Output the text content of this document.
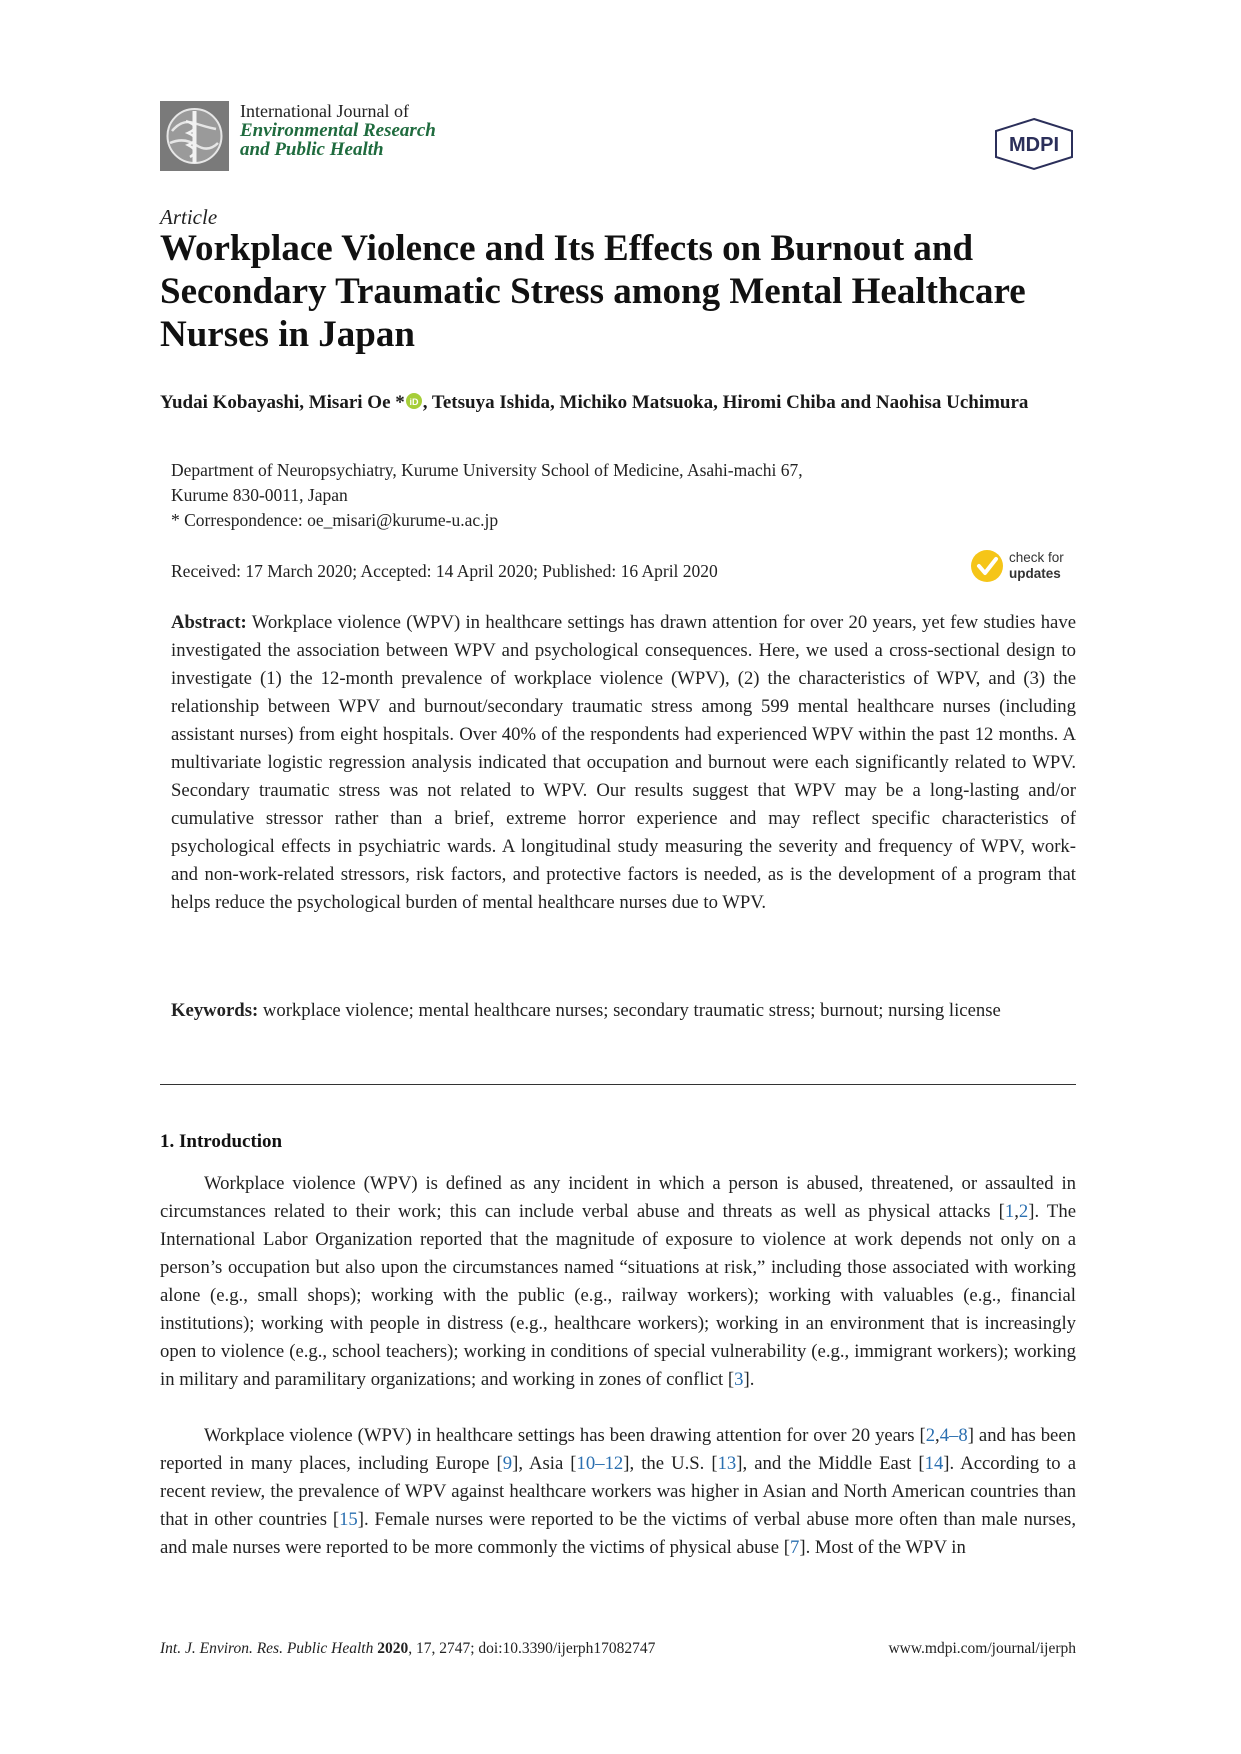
International Journal of
Environmental Research
and Public Health	MDPI
Article
Workplace Violence and Its Effects on Burnout and Secondary Traumatic Stress among Mental Healthcare Nurses in Japan
Yudai Kobayashi, Misari Oe * iD , Tetsuya Ishida, Michiko Matsuoka, Hiromi Chiba and Naohisa Uchimura
Department of Neuropsychiatry, Kurume University School of Medicine, Asahi-machi 67,
Kurume 830-0011, Japan
* Correspondence: oe_misari@kurume-u.ac.jp
Received: 17 March 2020; Accepted: 14 April 2020; Published: 16 April 2020
check for
updates

Abstract: Workplace violence (WPV) in healthcare settings has drawn attention for over 20 years, yet few studies have investigated the association between WPV and psychological consequences. Here, we used a cross-sectional design to investigate (1) the 12-month prevalence of workplace violence (WPV), (2) the characteristics of WPV, and (3) the relationship between WPV and burnout/secondary traumatic stress among 599 mental healthcare nurses (including assistant nurses) from eight hospitals. Over 40% of the respondents had experienced WPV within the past 12 months. A multivariate logistic regression analysis indicated that occupation and burnout were each significantly related to WPV. Secondary traumatic stress was not related to WPV. Our results suggest that WPV may be a long-lasting and/or cumulative stressor rather than a brief, extreme horror experience and may reflect specific characteristics of psychological effects in psychiatric wards. A longitudinal study measuring the severity and frequency of WPV, work- and non-work-related stressors, risk factors, and protective factors is needed, as is the development of a program that helps reduce the psychological burden of mental healthcare nurses due to WPV.

Keywords: workplace violence; mental healthcare nurses; secondary traumatic stress; burnout; nursing license

1. Introduction

Workplace violence (WPV) is defined as any incident in which a person is abused, threatened, or assaulted in circumstances related to their work; this can include verbal abuse and threats as well as physical attacks [1,2]. The International Labor Organization reported that the magnitude of exposure to violence at work depends not only on a person’s occupation but also upon the circumstances named “situations at risk,” including those associated with working alone (e.g., small shops); working with the public (e.g., railway workers); working with valuables (e.g., financial institutions); working with people in distress (e.g., healthcare workers); working in an environment that is increasingly open to violence (e.g., school teachers); working in conditions of special vulnerability (e.g., immigrant workers); working in military and paramilitary organizations; and working in zones of conflict [3].

Workplace violence (WPV) in healthcare settings has been drawing attention for over 20 years [2,4–8] and has been reported in many places, including Europe [9], Asia [10–12], the U.S. [13], and the Middle East [14]. According to a recent review, the prevalence of WPV against healthcare workers was higher in Asian and North American countries than that in other countries [15]. Female nurses were reported to be the victims of verbal abuse more often than male nurses, and male nurses were reported to be more commonly the victims of physical abuse [7]. Most of the WPV in

Int. J. Environ. Res. Public Health 2020, 17, 2747; doi:10.3390/ijerph17082747	www.mdpi.com/journal/ijerph
